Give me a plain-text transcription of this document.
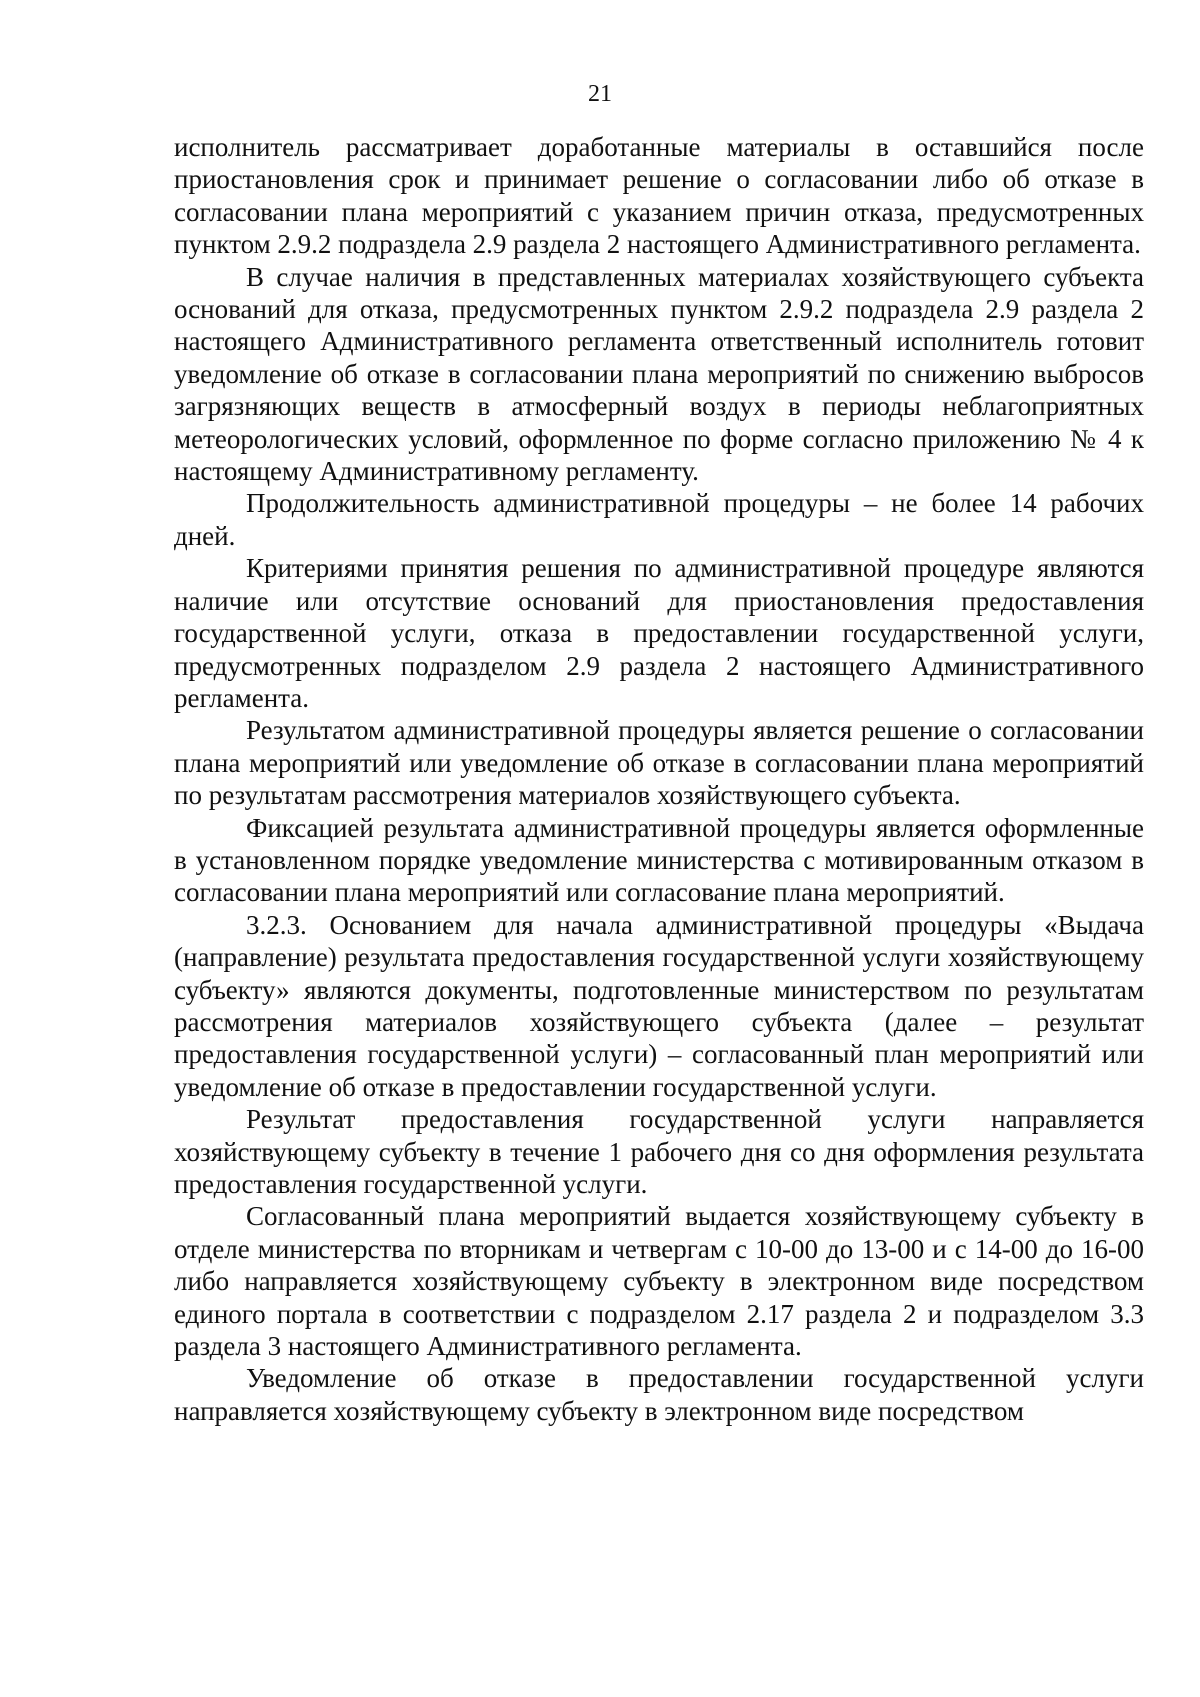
21

исполнитель рассматривает доработанные материалы в оставшийся после приостановления срок и принимает решение о согласовании либо об отказе в согласовании плана мероприятий с указанием причин отказа, предусмотренных пунктом 2.9.2 подраздела 2.9 раздела 2 настоящего Административного регламента.

В случае наличия в представленных материалах хозяйствующего субъекта оснований для отказа, предусмотренных пунктом 2.9.2 подраздела 2.9 раздела 2 настоящего Административного регламента ответственный исполнитель готовит уведомление об отказе в согласовании плана мероприятий по снижению выбросов загрязняющих веществ в атмосферный воздух в периоды неблагоприятных метеорологических условий, оформленное по форме согласно приложению № 4 к настоящему Административному регламенту.

Продолжительность административной процедуры – не более 14 рабочих дней.

Критериями принятия решения по административной процедуре являются наличие или отсутствие оснований для приостановления предоставления государственной услуги, отказа в предоставлении государственной услуги, предусмотренных подразделом 2.9 раздела 2 настоящего Административного регламента.

Результатом административной процедуры является решение о согласовании плана мероприятий или уведомление об отказе в согласовании плана мероприятий по результатам рассмотрения материалов хозяйствующего субъекта.

Фиксацией результата административной процедуры является оформленные в установленном порядке уведомление министерства с мотивированным отказом в согласовании плана мероприятий или согласование плана мероприятий.

3.2.3. Основанием для начала административной процедуры «Выдача (направление) результата предоставления государственной услуги хозяйствующему субъекту» являются документы, подготовленные министерством по результатам рассмотрения материалов хозяйствующего субъекта (далее – результат предоставления государственной услуги) – согласованный план мероприятий или уведомление об отказе в предоставлении государственной услуги.

Результат предоставления государственной услуги направляется хозяйствующему субъекту в течение 1 рабочего дня со дня оформления результата предоставления государственной услуги.

Согласованный плана мероприятий выдается хозяйствующему субъекту в отделе министерства по вторникам и четвергам с 10-00 до 13-00 и с 14-00 до 16-00 либо направляется хозяйствующему субъекту в электронном виде посредством единого портала в соответствии с подразделом 2.17 раздела 2 и подразделом 3.3 раздела 3 настоящего Административного регламента.

Уведомление об отказе в предоставлении государственной услуги направляется хозяйствующему субъекту в электронном виде посредством
